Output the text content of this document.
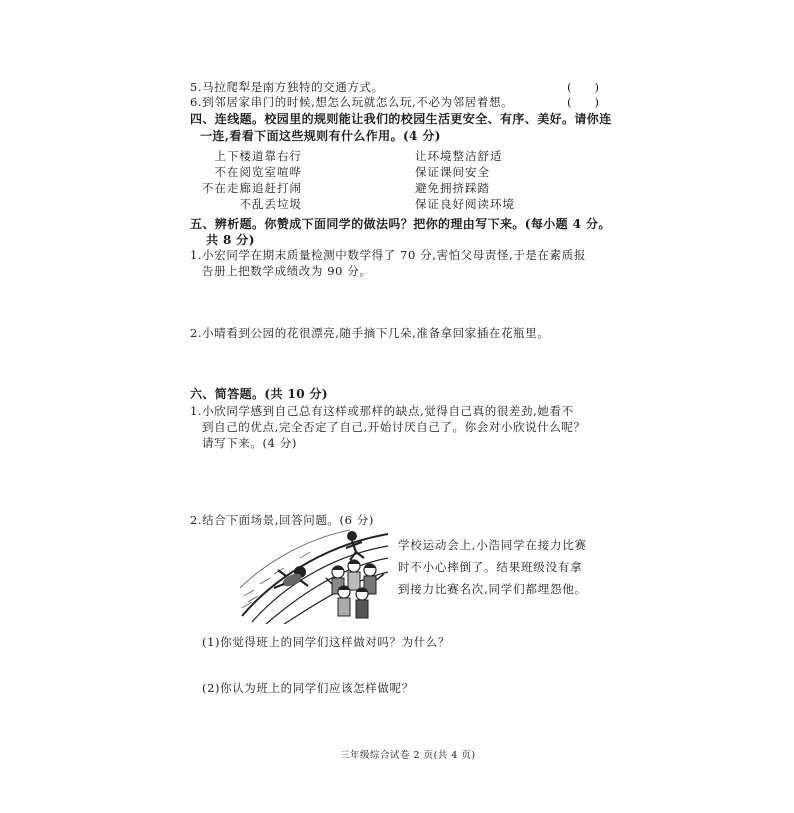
5.马拉爬犁是南方独特的交通方式。	(　　)
6.到邻居家串门的时候,想怎么玩就怎么玩,不必为邻居着想。	(　　)
四、连线题。校园里的规则能让我们的校园生活更安全、有序、美好。请你连
一连,看看下面这些规则有什么作用。(4 分)
上下楼道靠右行
不在阅览室喧哗
不在走廊追赶打闹
不乱丢垃圾
让环境整洁舒适
保证课间安全
避免拥挤踩踏
保证良好阅读环境
五、辨析题。你赞成下面同学的做法吗？把你的理由写下来。(每小题 4 分。
共 8 分)
1.小宏同学在期末质量检测中数学得了 70 分,害怕父母责怪,于是在素质报
告册上把数学成绩改为 90 分。
2.小晴看到公园的花很漂亮,随手摘下几朵,准备拿回家插在花瓶里。
六、简答题。(共 10 分)
1.小欣同学感到自己总有这样或那样的缺点,觉得自己真的很差劲,她看不
到自己的优点,完全否定了自己,开始讨厌自己了。你会对小欣说什么呢？
请写下来。(4 分)
2.结合下面场景,回答问题。(6 分)
学校运动会上,小浩同学在接力比赛时不小心摔倒了。结果班级没有拿到接力比赛名次,同学们都埋怨他。
(1)你觉得班上的同学们这样做对吗？为什么？
(2)你认为班上的同学们应该怎样做呢？
三年级综合试卷 2 页(共 4 页)
